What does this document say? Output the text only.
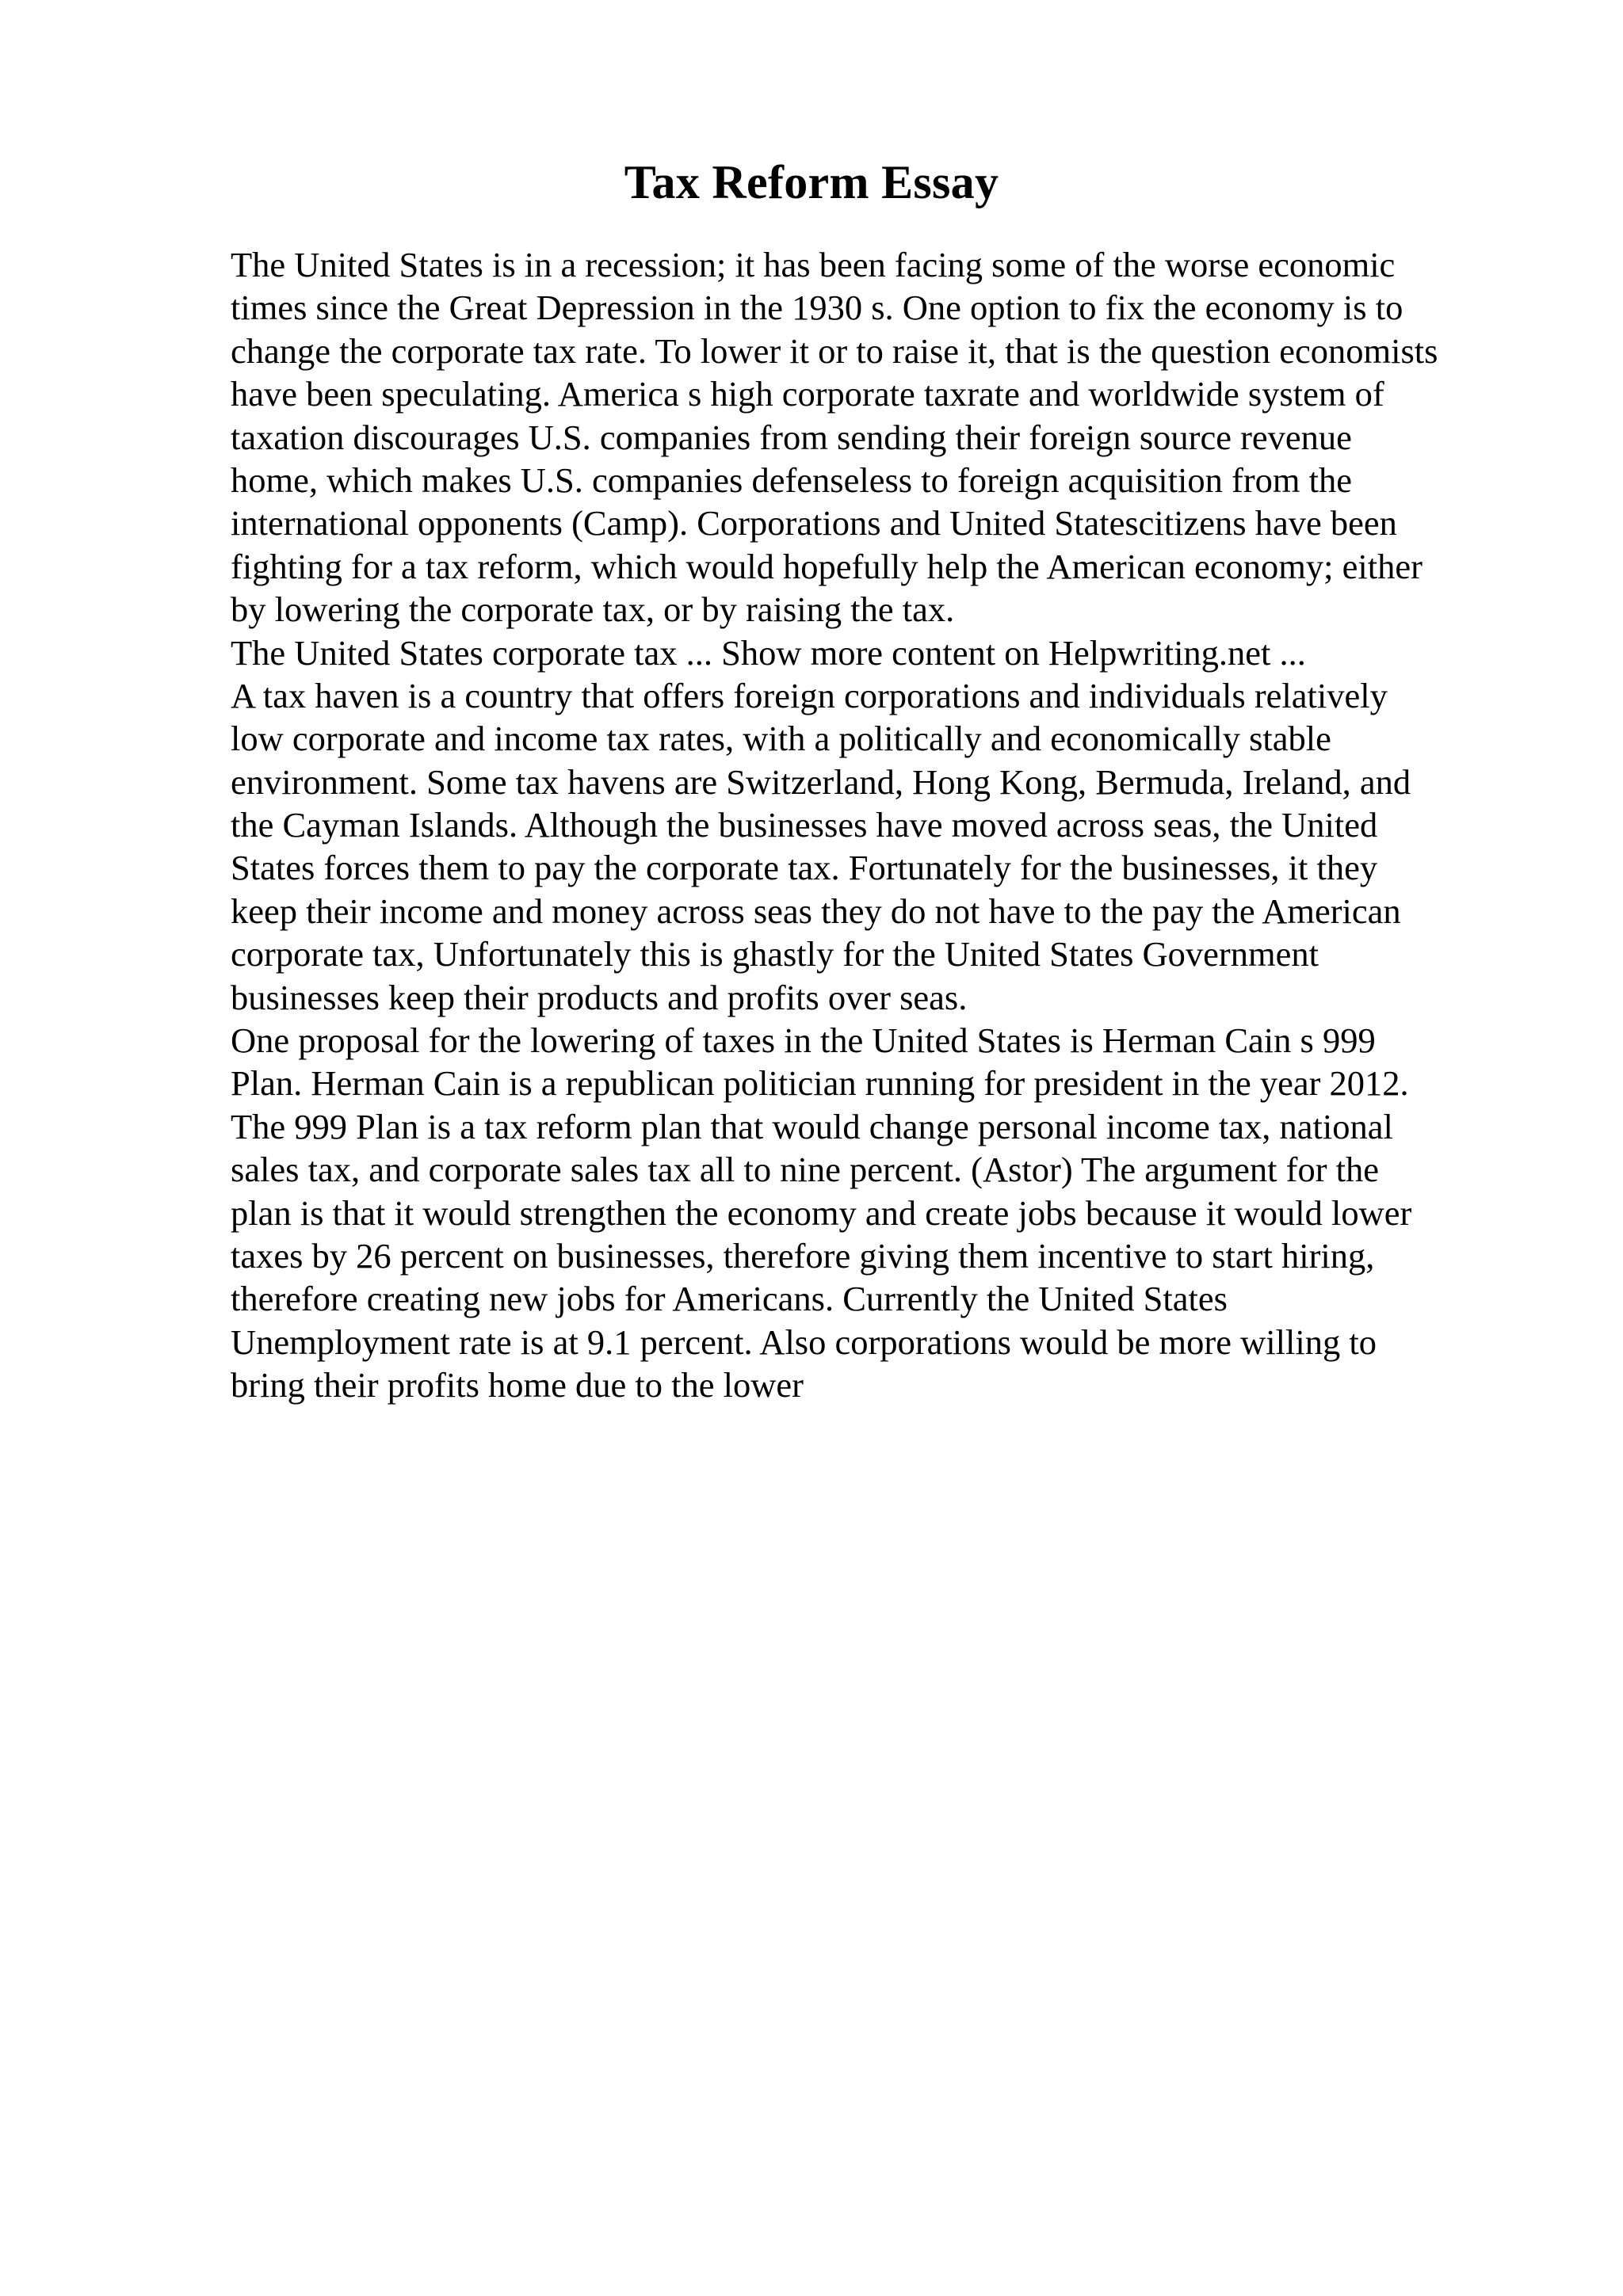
Tax Reform Essay
The United States is in a recession; it has been facing some of the worse economic
times since the Great Depression in the 1930 s. One option to fix the economy is to
change the corporate tax rate. To lower it or to raise it, that is the question economists
have been speculating. America s high corporate taxrate and worldwide system of
taxation discourages U.S. companies from sending their foreign source revenue
home, which makes U.S. companies defenseless to foreign acquisition from the
international opponents (Camp). Corporations and United Statescitizens have been
fighting for a tax reform, which would hopefully help the American economy; either
by lowering the corporate tax, or by raising the tax.
The United States corporate tax ... Show more content on Helpwriting.net ...
A tax haven is a country that offers foreign corporations and individuals relatively
low corporate and income tax rates, with a politically and economically stable
environment. Some tax havens are Switzerland, Hong Kong, Bermuda, Ireland, and
the Cayman Islands. Although the businesses have moved across seas, the United
States forces them to pay the corporate tax. Fortunately for the businesses, it they
keep their income and money across seas they do not have to the pay the American
corporate tax, Unfortunately this is ghastly for the United States Government
businesses keep their products and profits over seas.
One proposal for the lowering of taxes in the United States is Herman Cain s 999
Plan. Herman Cain is a republican politician running for president in the year 2012.
The 999 Plan is a tax reform plan that would change personal income tax, national
sales tax, and corporate sales tax all to nine percent. (Astor) The argument for the
plan is that it would strengthen the economy and create jobs because it would lower
taxes by 26 percent on businesses, therefore giving them incentive to start hiring,
therefore creating new jobs for Americans. Currently the United States
Unemployment rate is at 9.1 percent. Also corporations would be more willing to
bring their profits home due to the lower
